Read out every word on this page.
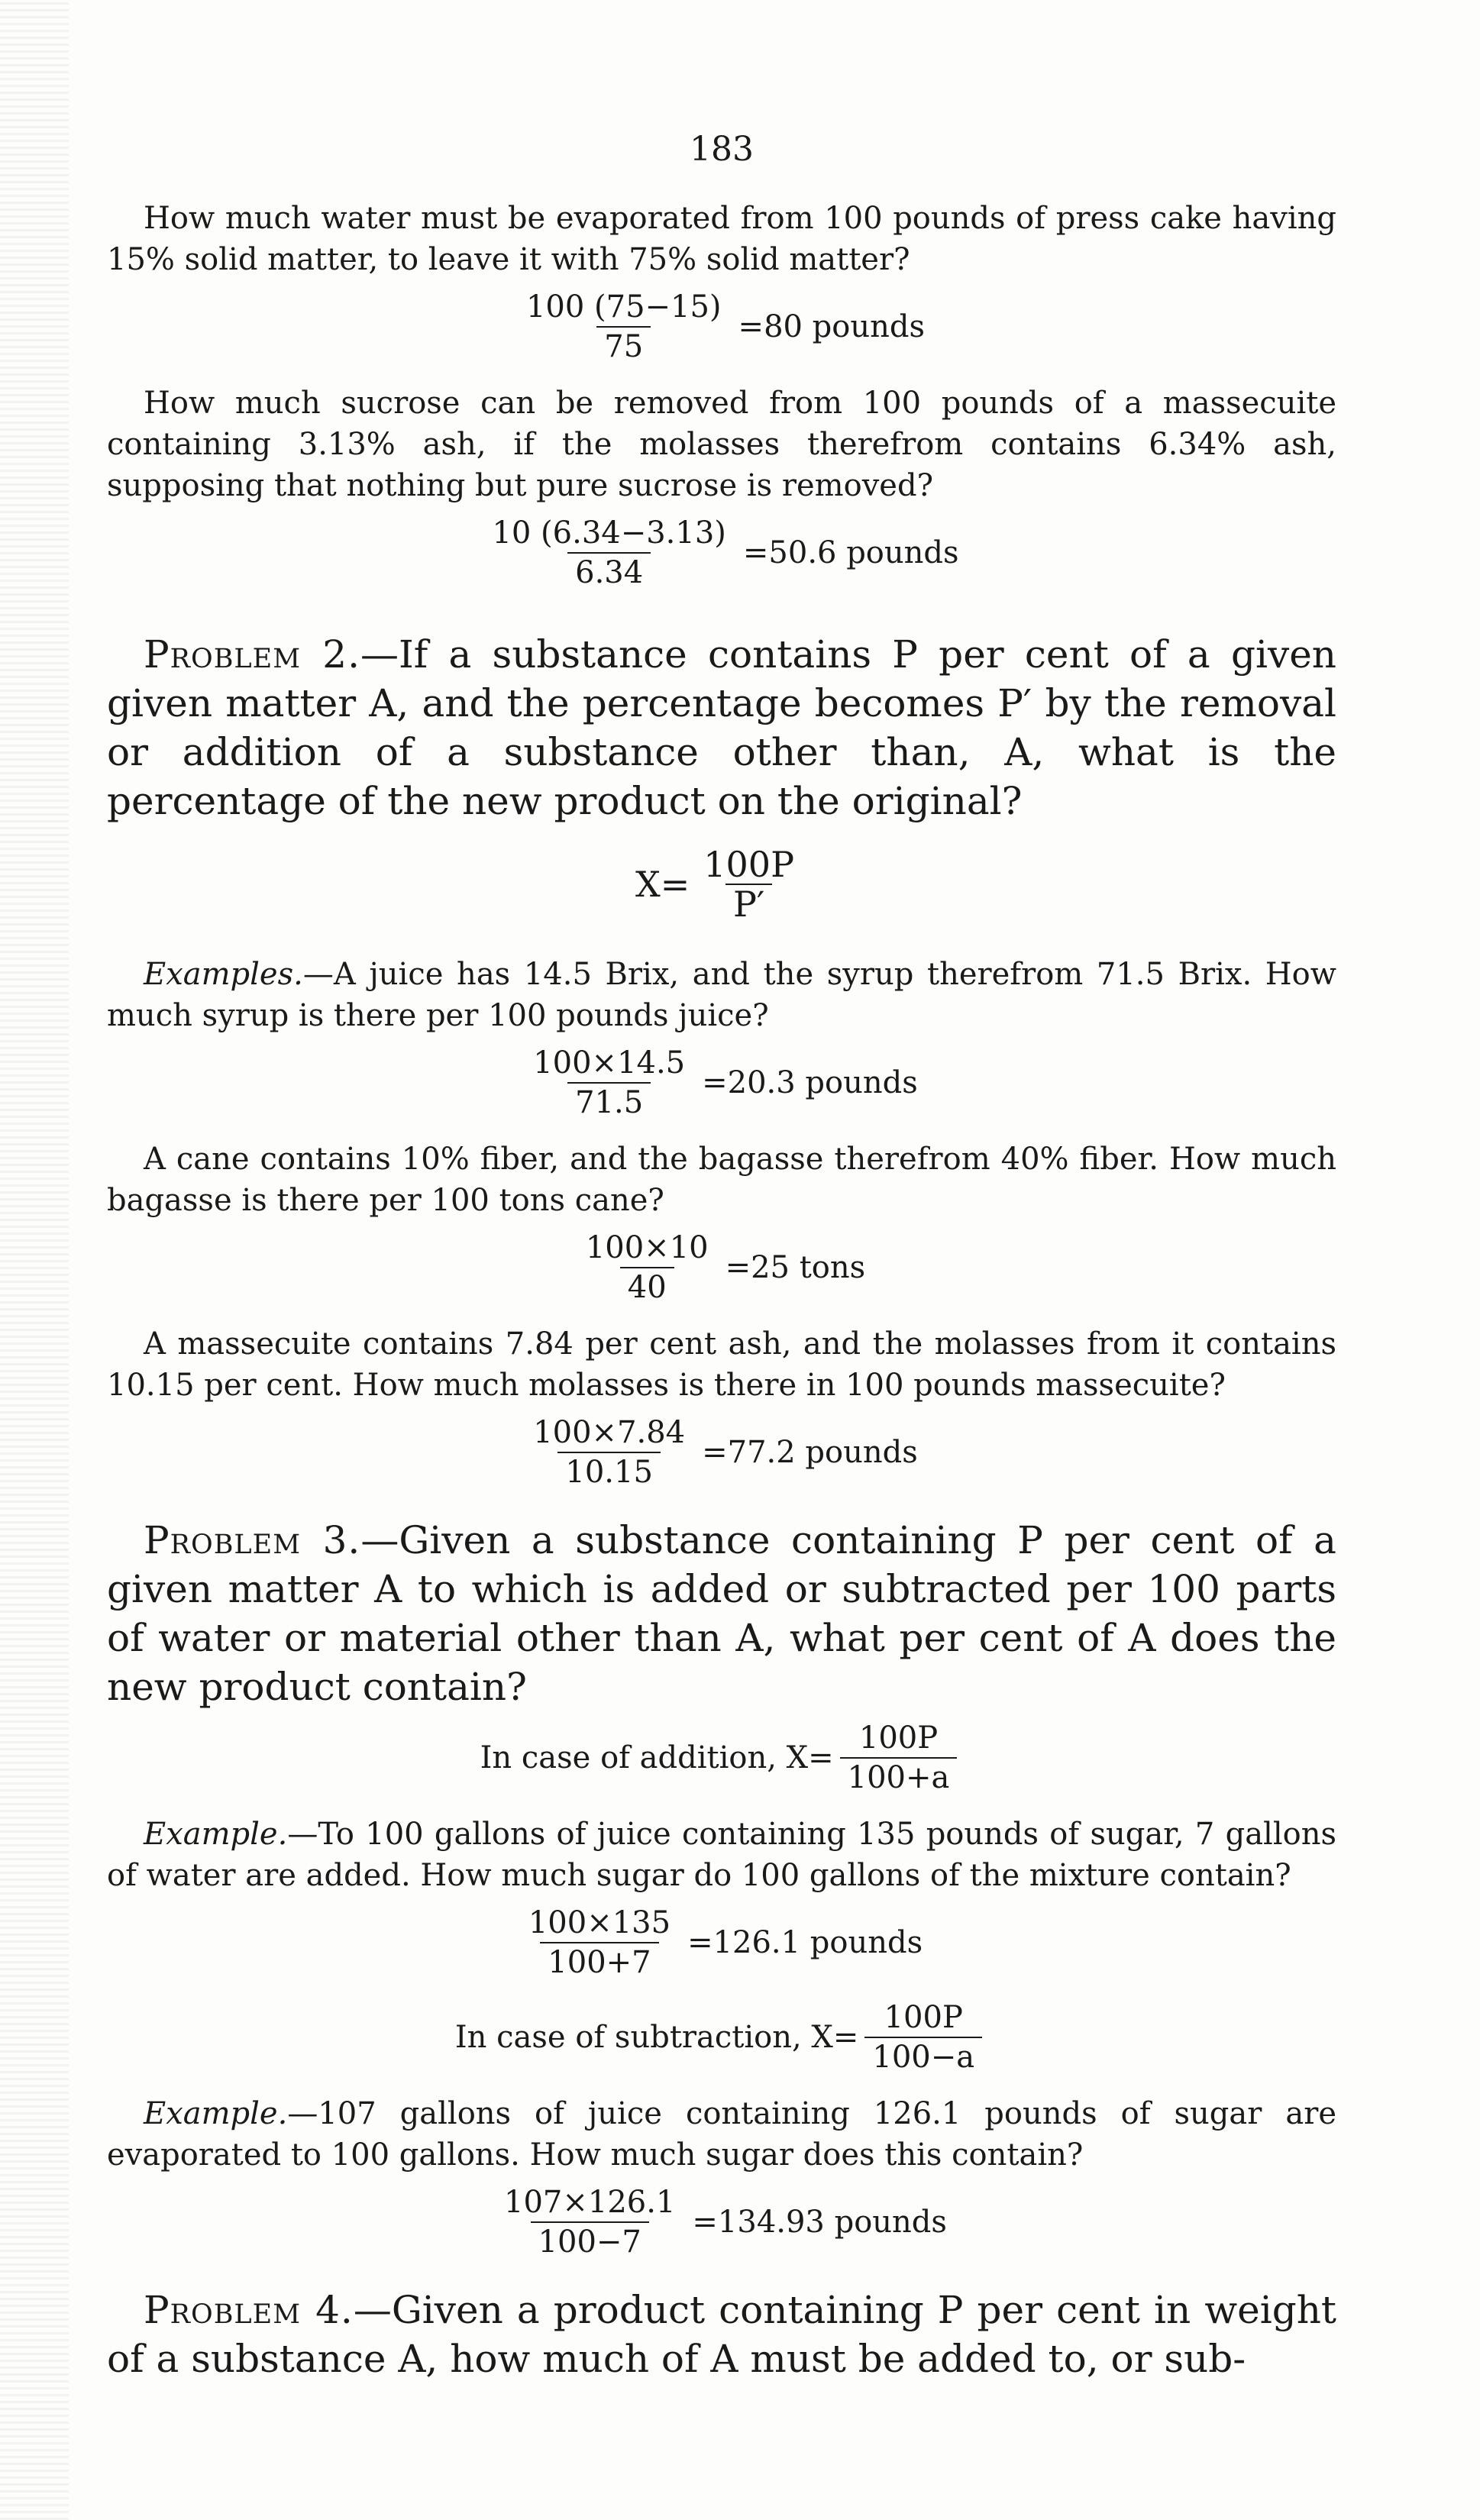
183

How much water must be evaporated from 100 pounds of press cake having 15% solid matter, to leave it with 75% solid matter?

$\frac{100 (75-15)}{75} =80$ pounds

How much sucrose can be removed from 100 pounds of a massecuite containing 3.13% ash, if the molasses therefrom contains 6.34% ash, supposing that nothing but pure sucrose is removed?

$\frac{10 (6.34-3.13)}{6.34} =50.6$ pounds

Problem 2.—If a substance contains P per cent of a given given matter A, and the percentage becomes P′ by the removal or addition of a substance other than, A, what is the percentage of the new product on the original?

$X= \frac{100P}{P'}$

Examples.—A juice has 14.5 Brix, and the syrup therefrom 71.5 Brix. How much syrup is there per 100 pounds juice?

$\frac{100\times 14.5}{71.5} =20.3$ pounds

A cane contains 10% fiber, and the bagasse therefrom 40% fiber. How much bagasse is there per 100 tons cane?

$\frac{100\times 10}{40} =25$ tons

A massecuite contains 7.84 per cent ash, and the molasses from it contains 10.15 per cent. How much molasses is there in 100 pounds massecuite?

$\frac{100\times 7.84}{10.15} =77.2$ pounds

Problem 3.—Given a substance containing P per cent of a given matter A to which is added or subtracted per 100 parts of water or material other than A, what per cent of A does the new product contain?

In case of addition, $X= \frac{100P}{100+a}$

Example.—To 100 gallons of juice containing 135 pounds of sugar, 7 gallons of water are added. How much sugar do 100 gallons of the mixture contain?

$\frac{100\times 135}{100+7} =126.1$ pounds
In case of subtraction, $X= \frac{100P}{100-a}$

Example.—107 gallons of juice containing 126.1 pounds of sugar are evaporated to 100 gallons. How much sugar does this contain?

$\frac{107\times 126.1}{100-7} =134.93$ pounds

Problem 4.—Given a product containing P per cent in weight of a substance A, how much of A must be added to, or sub-
